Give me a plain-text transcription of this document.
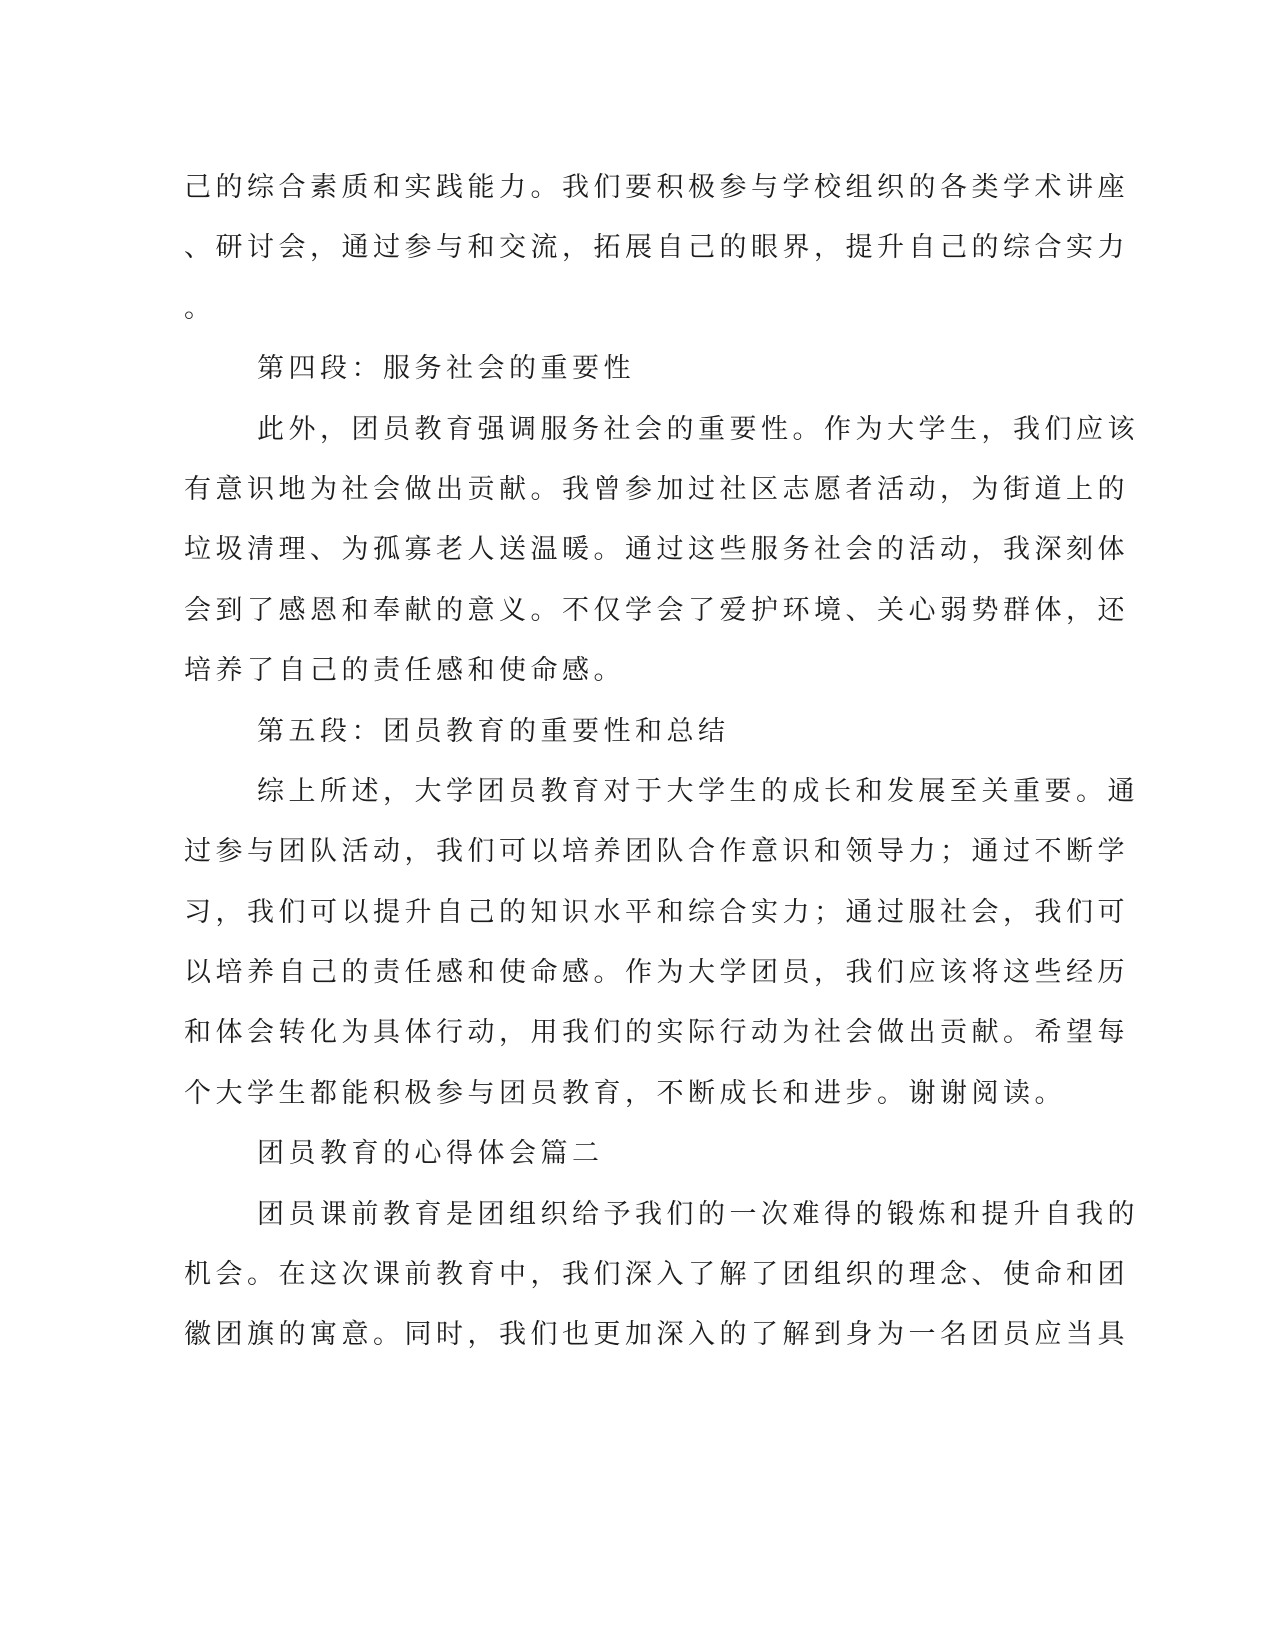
己的综合素质和实践能力。我们要积极参与学校组织的各类学术讲座
、研讨会，通过参与和交流，拓展自己的眼界，提升自己的综合实力
。
第四段：服务社会的重要性
此外，团员教育强调服务社会的重要性。作为大学生，我们应该
有意识地为社会做出贡献。我曾参加过社区志愿者活动，为街道上的
垃圾清理、为孤寡老人送温暖。通过这些服务社会的活动，我深刻体
会到了感恩和奉献的意义。不仅学会了爱护环境、关心弱势群体，还
培养了自己的责任感和使命感。
第五段：团员教育的重要性和总结
综上所述，大学团员教育对于大学生的成长和发展至关重要。通
过参与团队活动，我们可以培养团队合作意识和领导力；通过不断学
习，我们可以提升自己的知识水平和综合实力；通过服社会，我们可
以培养自己的责任感和使命感。作为大学团员，我们应该将这些经历
和体会转化为具体行动，用我们的实际行动为社会做出贡献。希望每
个大学生都能积极参与团员教育，不断成长和进步。谢谢阅读。
团员教育的心得体会篇二
团员课前教育是团组织给予我们的一次难得的锻炼和提升自我的
机会。在这次课前教育中，我们深入了解了团组织的理念、使命和团
徽团旗的寓意。同时，我们也更加深入的了解到身为一名团员应当具
